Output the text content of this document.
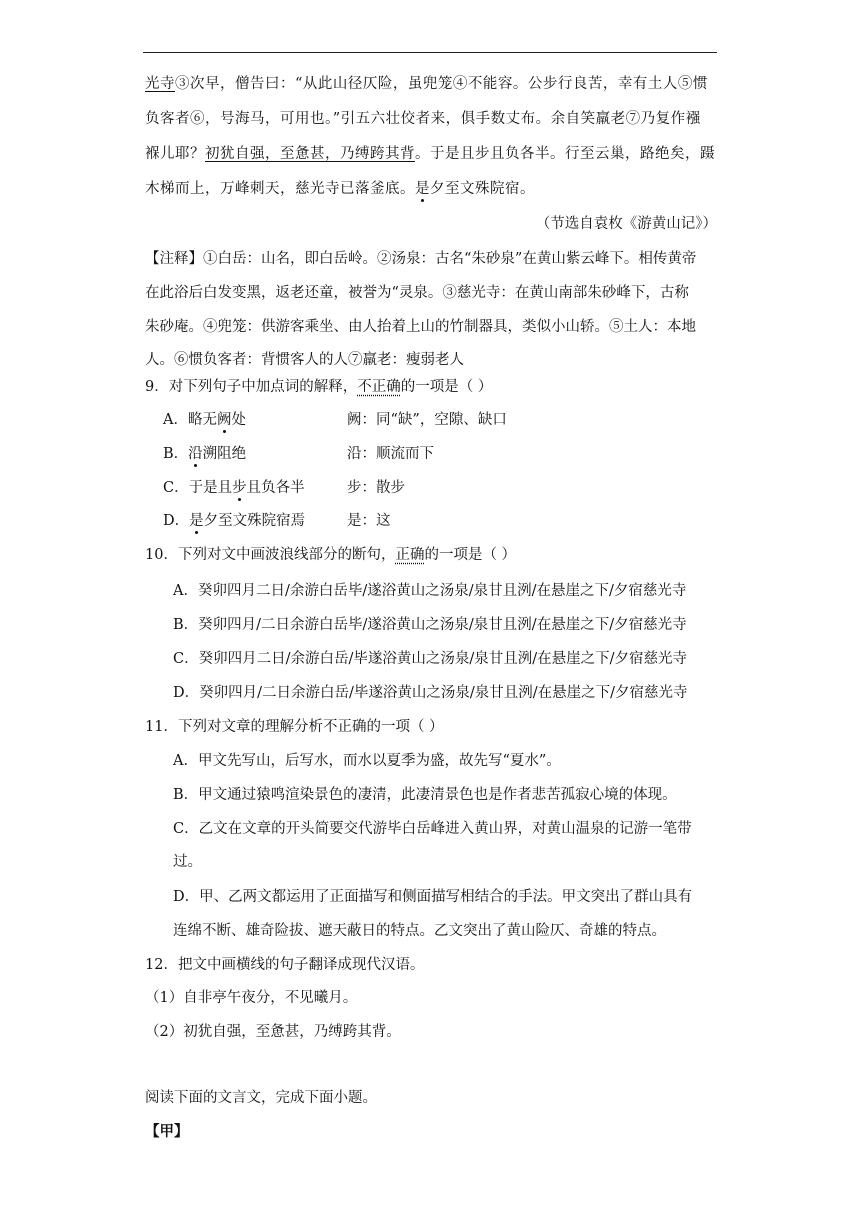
光寺③次早，僧告曰：“从此山径仄险，虽兜笼④不能容。公步行良苦，幸有土人⑤惯
负客者⑥，号海马，可用也。”引五六壮佼者来，俱手数丈布。余自笑羸老⑦乃复作襁
褓儿耶？初犹自强，至惫甚，乃缚跨其背。于是且步且负各半。行至云巢，路绝矣，蹑
木梯而上，万峰刺天，慈光寺已落釜底。是夕至文殊院宿。
（节选自袁枚《游黄山记》）
【注释】①白岳：山名，即白岳岭。②汤泉：古名“朱砂泉”在黄山紫云峰下。相传黄帝
在此浴后白发变黑，返老还童，被誉为“灵泉。③慈光寺：在黄山南部朱砂峰下，古称
朱砂庵。④兜笼：供游客乘坐、由人抬着上山的竹制器具，类似小山轿。⑤土人：本地
人。⑥惯负客者：背惯客人的人⑦羸老：瘦弱老人
9．对下列句子中加点词的解释，不正确的一项是（ ）
A．略无阙处	阙：同“缺”，空隙、缺口
B．沿溯阻绝	沿：顺流而下
C．于是且步且负各半	步：散步
D．是夕至文殊院宿焉	是：这
10．下列对文中画波浪线部分的断句，正确的一项是（ ）
A．癸卯四月二日/余游白岳毕/遂浴黄山之汤泉/泉甘且洌/在悬崖之下/夕宿慈光寺
B．癸卯四月/二日余游白岳毕/遂浴黄山之汤泉/泉甘且洌/在悬崖之下/夕宿慈光寺
C．癸卯四月二日/余游白岳/毕遂浴黄山之汤泉/泉甘且洌/在悬崖之下/夕宿慈光寺
D．癸卯四月/二日余游白岳/毕遂浴黄山之汤泉/泉甘且洌/在悬崖之下/夕宿慈光寺
11．下列对文章的理解分析不正确的一项（ ）
A．甲文先写山，后写水，而水以夏季为盛，故先写“夏水”。
B．甲文通过猿鸣渲染景色的凄清，此凄清景色也是作者悲苦孤寂心境的体现。
C．乙文在文章的开头简要交代游毕白岳峰进入黄山界，对黄山温泉的记游一笔带
过。
D．甲、乙两文都运用了正面描写和侧面描写相结合的手法。甲文突出了群山具有
连绵不断、雄奇险拔、遮天蔽日的特点。乙文突出了黄山险仄、奇雄的特点。
12．把文中画横线的句子翻译成现代汉语。
（1）自非亭午夜分，不见曦月。
（2）初犹自强，至惫甚，乃缚跨其背。
阅读下面的文言文，完成下面小题。
【甲】
